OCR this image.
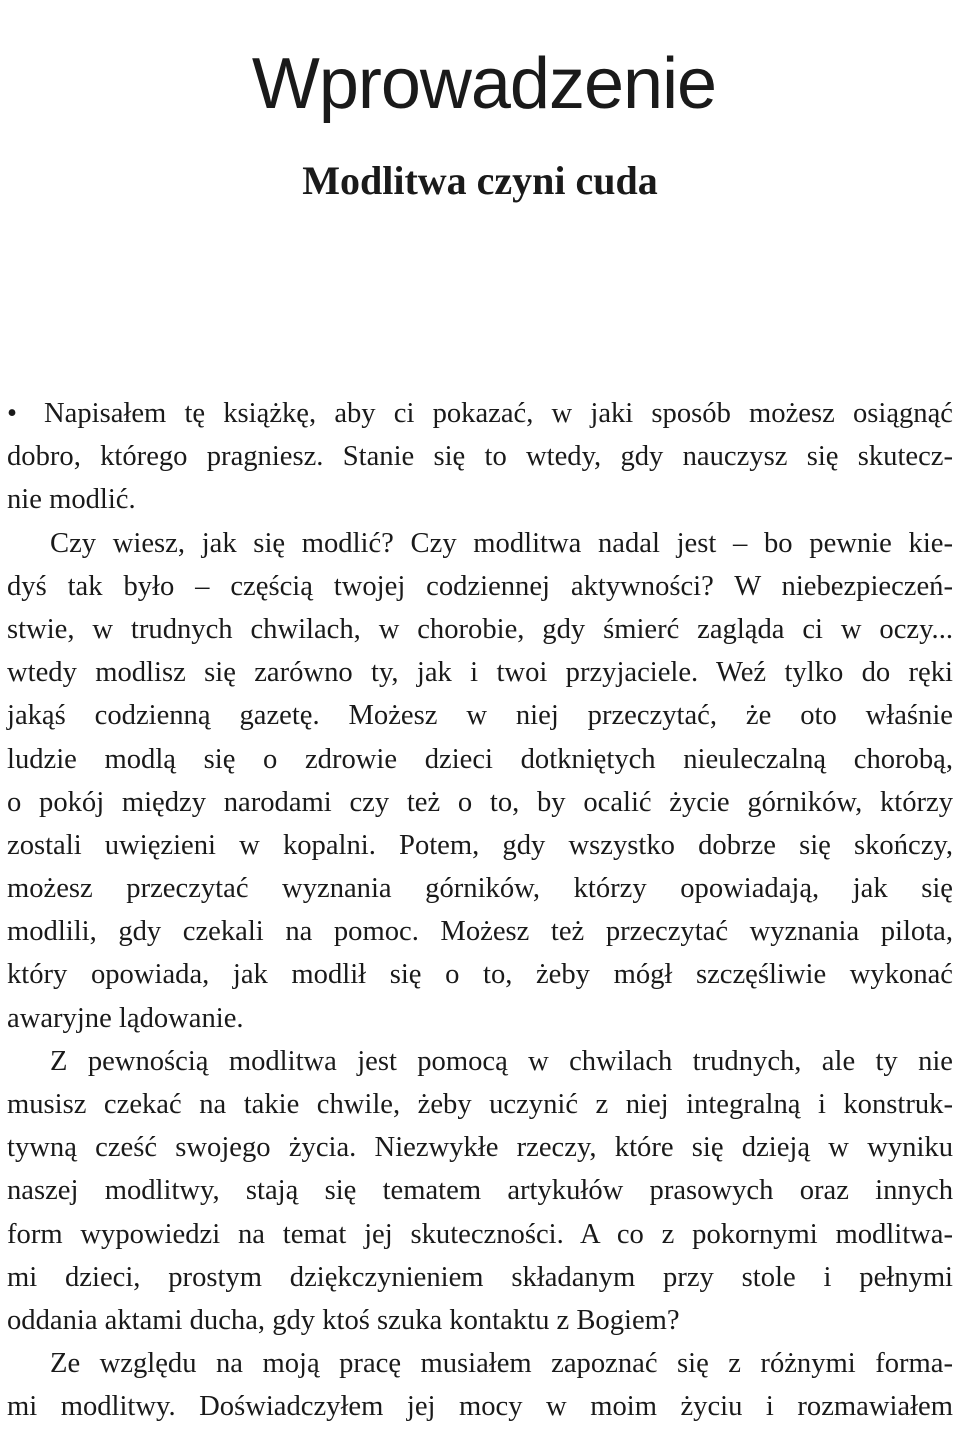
Wprowadzenie
Modlitwa czyni cuda
• Napisałem tę książkę, aby ci pokazać, w jaki sposób możesz osiągnąć
dobro, którego pragniesz. Stanie się to wtedy, gdy nauczysz się skutecz-
nie modlić.
Czy wiesz, jak się modlić? Czy modlitwa nadal jest – bo pewnie kie-
dyś tak było – częścią twojej codziennej aktywności? W niebezpieczeń-
stwie, w trudnych chwilach, w chorobie, gdy śmierć zagląda ci w oczy...
wtedy modlisz się zarówno ty, jak i twoi przyjaciele. Weź tylko do ręki
jakąś codzienną gazetę. Możesz w niej przeczytać, że oto właśnie
ludzie modlą się o zdrowie dzieci dotkniętych nieuleczalną chorobą,
o pokój między narodami czy też o to, by ocalić życie górników, którzy
zostali uwięzieni w kopalni. Potem, gdy wszystko dobrze się skończy,
możesz przeczytać wyznania górników, którzy opowiadają, jak się
modlili, gdy czekali na pomoc. Możesz też przeczytać wyznania pilota,
który opowiada, jak modlił się o to, żeby mógł szczęśliwie wykonać
awaryjne lądowanie.
Z pewnością modlitwa jest pomocą w chwilach trudnych, ale ty nie
musisz czekać na takie chwile, żeby uczynić z niej integralną i konstruk-
tywną cześć swojego życia. Niezwykłe rzeczy, które się dzieją w wyniku
naszej modlitwy, stają się tematem artykułów prasowych oraz innych
form wypowiedzi na temat jej skuteczności. A co z pokornymi modlitwa-
mi dzieci, prostym dziękczynieniem składanym przy stole i pełnymi
oddania aktami ducha, gdy ktoś szuka kontaktu z Bogiem?
Ze względu na moją pracę musiałem zapoznać się z różnymi forma-
mi modlitwy. Doświadczyłem jej mocy w moim życiu i rozmawiałem
